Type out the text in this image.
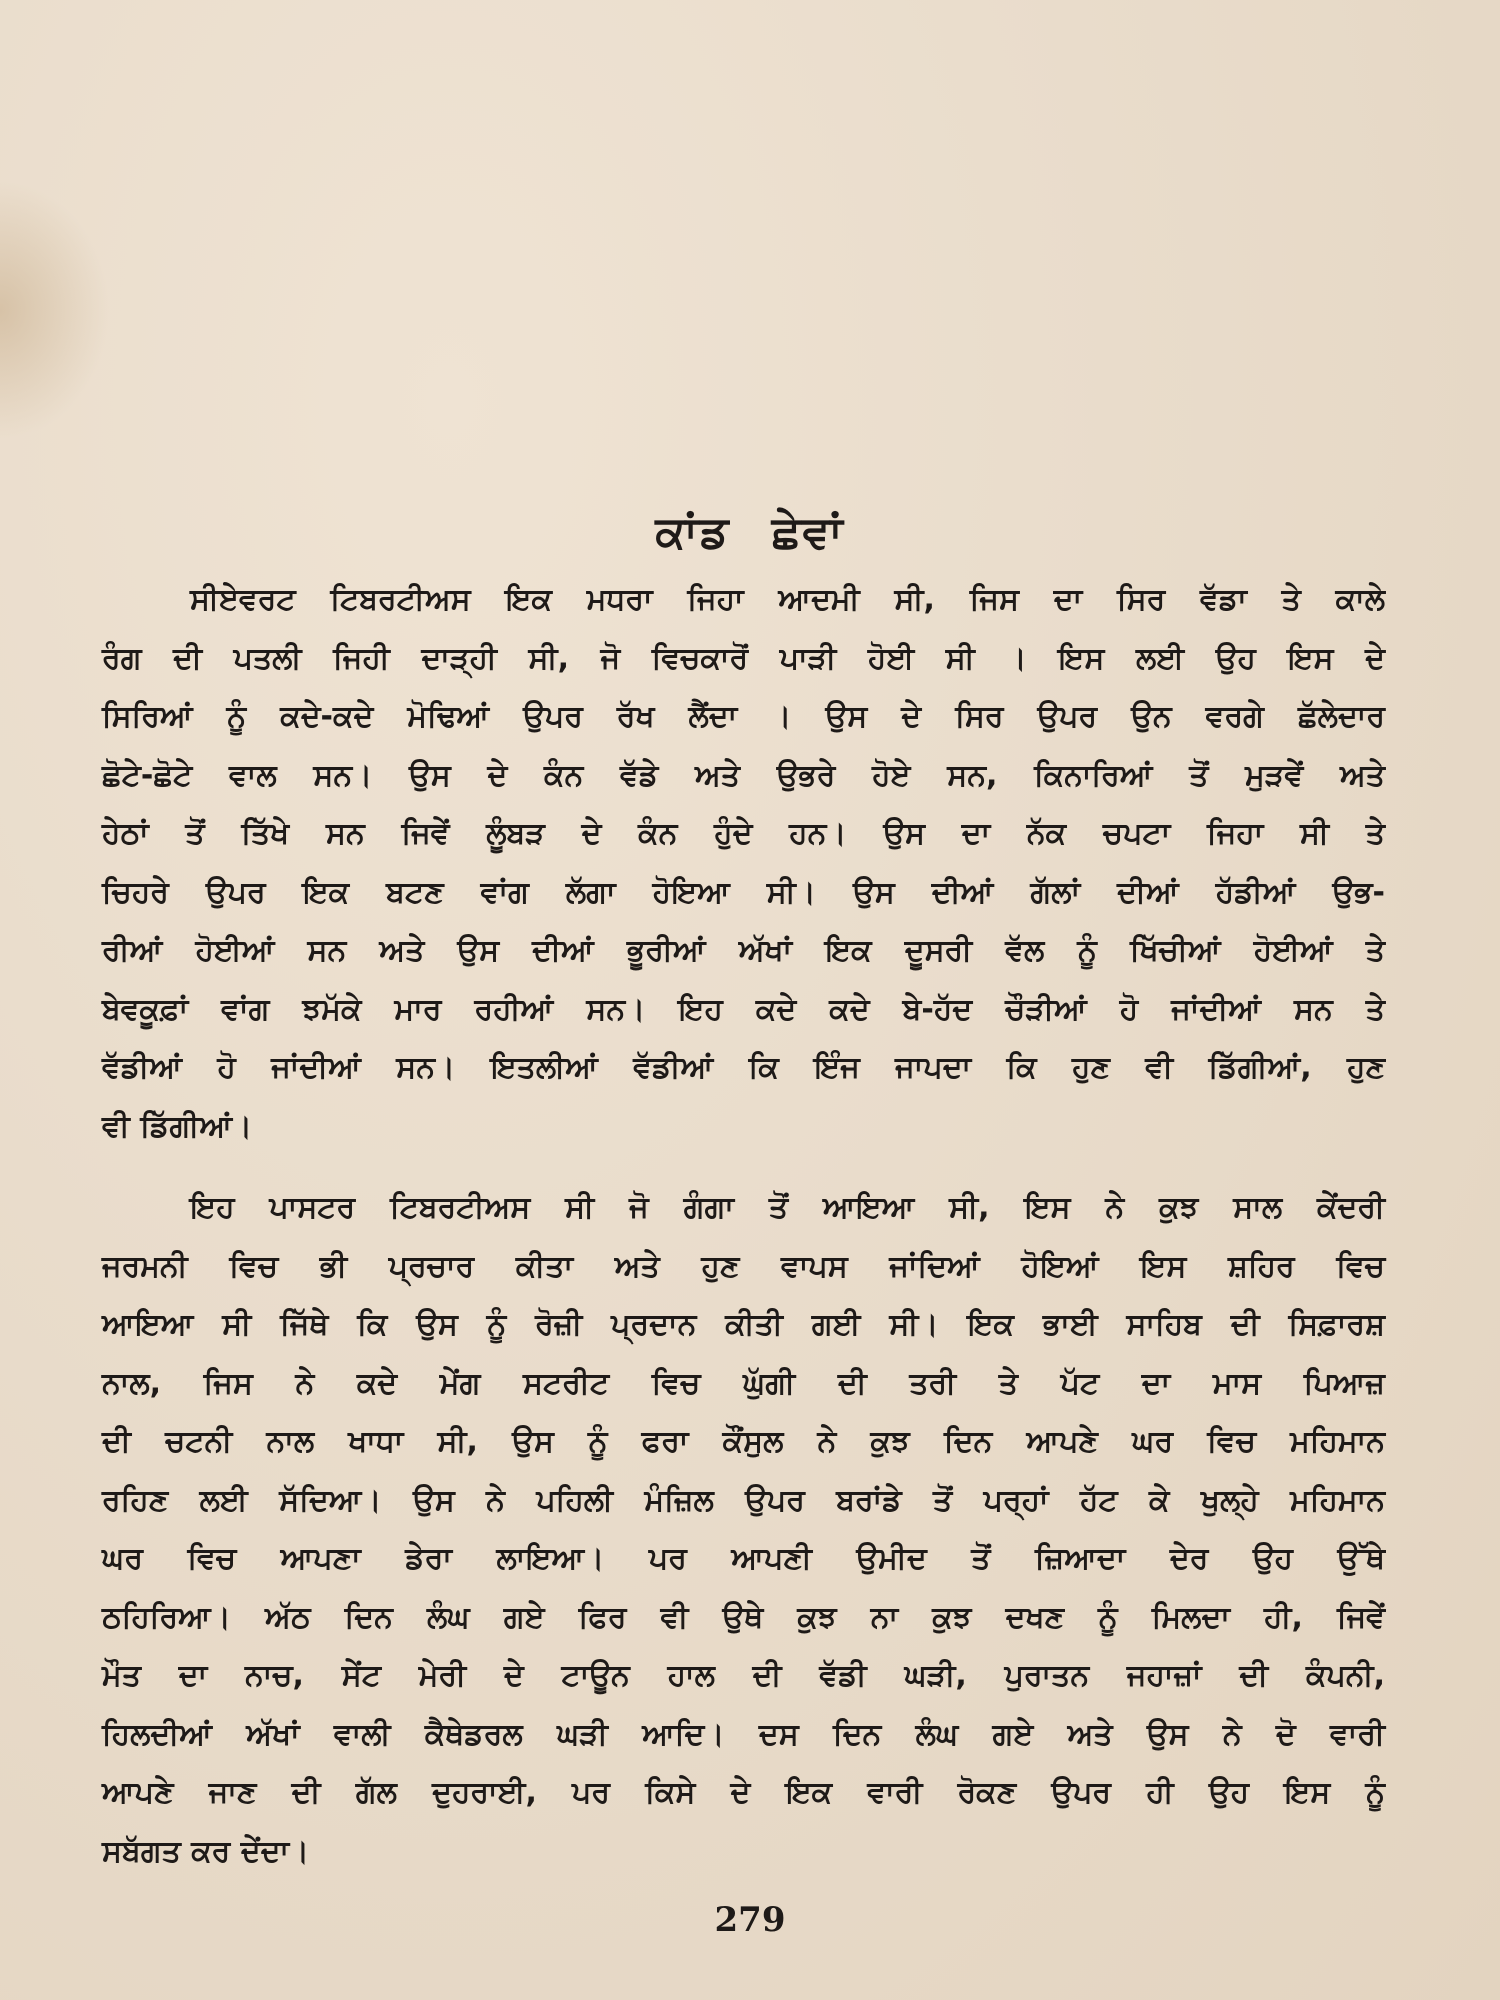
ਕਾਂਡ ਛੇਵਾਂ
ਸੀਏਵਰਟ ਟਿਬਰਟੀਅਸ ਇਕ ਮਧਰਾ ਜਿਹਾ ਆਦਮੀ ਸੀ, ਜਿਸ ਦਾ ਸਿਰ ਵੱਡਾ ਤੇ ਕਾਲੇ
ਰੰਗ ਦੀ ਪਤਲੀ ਜਿਹੀ ਦਾੜ੍ਹੀ ਸੀ, ਜੋ ਵਿਚਕਾਰੋਂ ਪਾੜੀ ਹੋਈ ਸੀ । ਇਸ ਲਈ ਉਹ ਇਸ ਦੇ
ਸਿਰਿਆਂ ਨੂੰ ਕਦੇ-ਕਦੇ ਮੋਢਿਆਂ ਉਪਰ ਰੱਖ ਲੈਂਦਾ । ਉਸ ਦੇ ਸਿਰ ਉਪਰ ਉਨ ਵਰਗੇ ਛੱਲੇਦਾਰ
ਛੋਟੇ-ਛੋਟੇ ਵਾਲ ਸਨ। ਉਸ ਦੇ ਕੰਨ ਵੱਡੇ ਅਤੇ ਉਭਰੇ ਹੋਏ ਸਨ, ਕਿਨਾਰਿਆਂ ਤੋਂ ਮੁੜਵੇਂ ਅਤੇ
ਹੇਠਾਂ ਤੋਂ ਤਿੱਖੇ ਸਨ ਜਿਵੇਂ ਲੂੰਬੜ ਦੇ ਕੰਨ ਹੁੰਦੇ ਹਨ। ਉਸ ਦਾ ਨੱਕ ਚਪਟਾ ਜਿਹਾ ਸੀ ਤੇ
ਚਿਹਰੇ ਉਪਰ ਇਕ ਬਟਣ ਵਾਂਗ ਲੱਗਾ ਹੋਇਆ ਸੀ। ਉਸ ਦੀਆਂ ਗੱਲਾਂ ਦੀਆਂ ਹੱਡੀਆਂ ਉਭ-
ਰੀਆਂ ਹੋਈਆਂ ਸਨ ਅਤੇ ਉਸ ਦੀਆਂ ਭੂਰੀਆਂ ਅੱਖਾਂ ਇਕ ਦੂਸਰੀ ਵੱਲ ਨੂੰ ਖਿੱਚੀਆਂ ਹੋਈਆਂ ਤੇ
ਬੇਵਕੂਫ਼ਾਂ ਵਾਂਗ ਝਮੱਕੇ ਮਾਰ ਰਹੀਆਂ ਸਨ। ਇਹ ਕਦੇ ਕਦੇ ਬੇ-ਹੱਦ ਚੌੜੀਆਂ ਹੋ ਜਾਂਦੀਆਂ ਸਨ ਤੇ
ਵੱਡੀਆਂ ਹੋ ਜਾਂਦੀਆਂ ਸਨ। ਇਤਲੀਆਂ ਵੱਡੀਆਂ ਕਿ ਇੰਜ ਜਾਪਦਾ ਕਿ ਹੁਣ ਵੀ ਡਿੱਗੀਆਂ, ਹੁਣ
ਵੀ ਡਿੱਗੀਆਂ।
ਇਹ ਪਾਸਟਰ ਟਿਬਰਟੀਅਸ ਸੀ ਜੋ ਗੰਗਾ ਤੋਂ ਆਇਆ ਸੀ, ਇਸ ਨੇ ਕੁਝ ਸਾਲ ਕੇਂਦਰੀ
ਜਰਮਨੀ ਵਿਚ ਭੀ ਪ੍ਰਚਾਰ ਕੀਤਾ ਅਤੇ ਹੁਣ ਵਾਪਸ ਜਾਂਦਿਆਂ ਹੋਇਆਂ ਇਸ ਸ਼ਹਿਰ ਵਿਚ
ਆਇਆ ਸੀ ਜਿੱਥੇ ਕਿ ਉਸ ਨੂੰ ਰੋਜ਼ੀ ਪ੍ਰਦਾਨ ਕੀਤੀ ਗਈ ਸੀ। ਇਕ ਭਾਈ ਸਾਹਿਬ ਦੀ ਸਿਫ਼ਾਰਸ਼
ਨਾਲ, ਜਿਸ ਨੇ ਕਦੇ ਮੇਂਗ ਸਟਰੀਟ ਵਿਚ ਘੁੱਗੀ ਦੀ ਤਰੀ ਤੇ ਪੱਟ ਦਾ ਮਾਸ ਪਿਆਜ਼
ਦੀ ਚਟਨੀ ਨਾਲ ਖਾਧਾ ਸੀ, ਉਸ ਨੂੰ ਫਰਾ ਕੌਂਸੁਲ ਨੇ ਕੁਝ ਦਿਨ ਆਪਣੇ ਘਰ ਵਿਚ ਮਹਿਮਾਨ
ਰਹਿਣ ਲਈ ਸੱਦਿਆ। ਉਸ ਨੇ ਪਹਿਲੀ ਮੰਜ਼ਿਲ ਉਪਰ ਬਰਾਂਡੇ ਤੋਂ ਪਰ੍ਹਾਂ ਹੱਟ ਕੇ ਖੁਲ੍ਹੇ ਮਹਿਮਾਨ
ਘਰ ਵਿਚ ਆਪਣਾ ਡੇਰਾ ਲਾਇਆ। ਪਰ ਆਪਣੀ ਉਮੀਦ ਤੋਂ ਜ਼ਿਆਦਾ ਦੇਰ ਉਹ ਉੱਥੇ
ਠਹਿਰਿਆ। ਅੱਠ ਦਿਨ ਲੰਘ ਗਏ ਫਿਰ ਵੀ ਉਥੇ ਕੁਝ ਨਾ ਕੁਝ ਦਖਣ ਨੂੰ ਮਿਲਦਾ ਹੀ, ਜਿਵੇਂ
ਮੌਤ ਦਾ ਨਾਚ, ਸੇਂਟ ਮੇਰੀ ਦੇ ਟਾਊਨ ਹਾਲ ਦੀ ਵੱਡੀ ਘੜੀ, ਪੁਰਾਤਨ ਜਹਾਜ਼ਾਂ ਦੀ ਕੰਪਨੀ,
ਹਿਲਦੀਆਂ ਅੱਖਾਂ ਵਾਲੀ ਕੈਥੇਡਰਲ ਘੜੀ ਆਦਿ। ਦਸ ਦਿਨ ਲੰਘ ਗਏ ਅਤੇ ਉਸ ਨੇ ਦੋ ਵਾਰੀ
ਆਪਣੇ ਜਾਣ ਦੀ ਗੱਲ ਦੁਹਰਾਈ, ਪਰ ਕਿਸੇ ਦੇ ਇਕ ਵਾਰੀ ਰੋਕਣ ਉਪਰ ਹੀ ਉਹ ਇਸ ਨੂੰ
ਸਬੱਗਤ ਕਰ ਦੇਂਦਾ।
279
